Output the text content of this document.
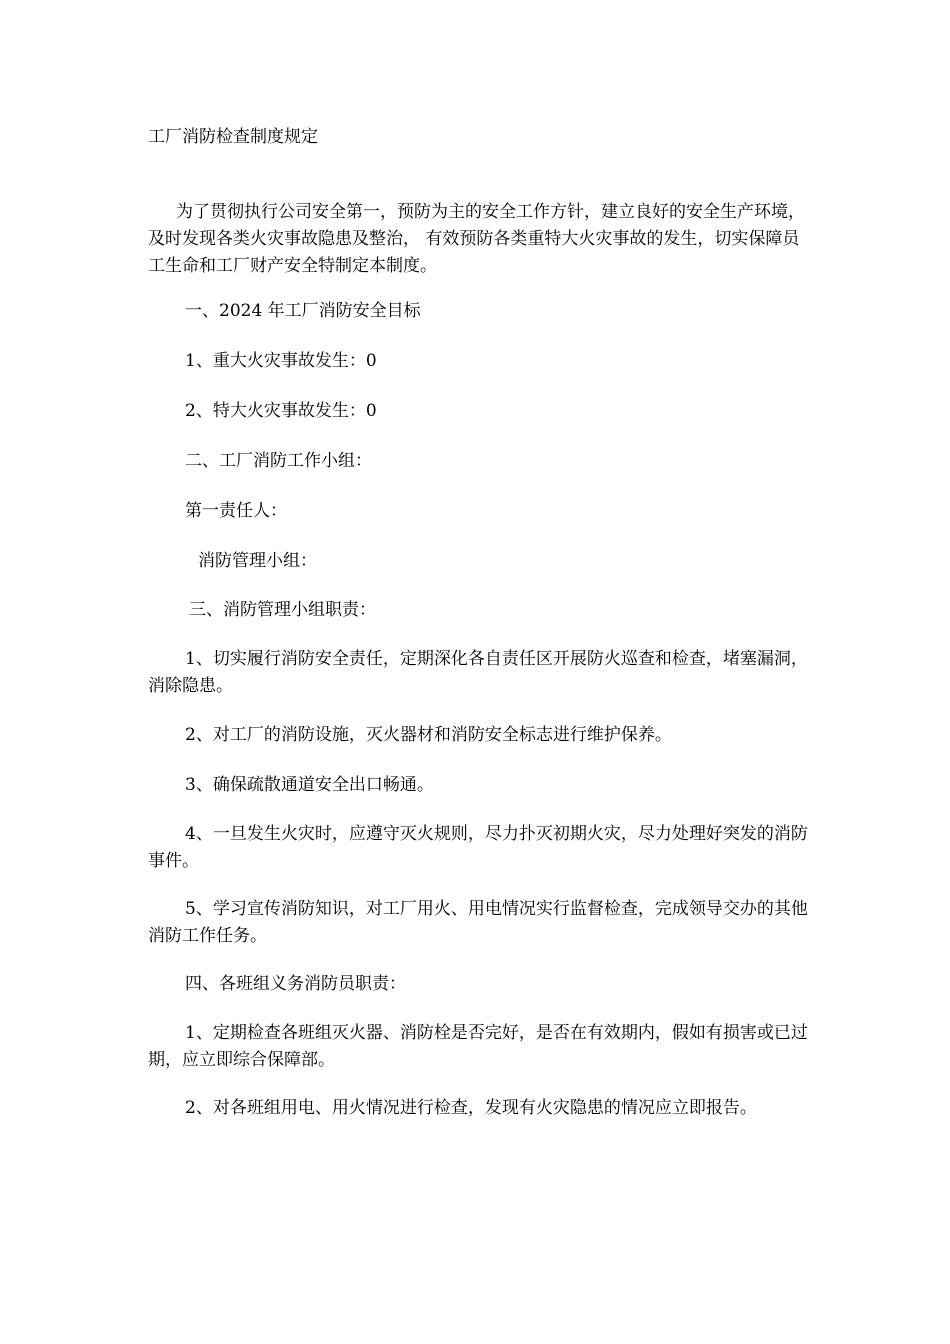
工厂消防检查制度规定

为了贯彻执行公司安全第一，预防为主的安全工作方针，建立良好的安全生产环境，及时发现各类火灾事故隐患及整治， 有效预防各类重特大火灾事故的发生，切实保障员工生命和工厂财产安全特制定本制度。

一、2024 年工厂消防安全目标

1、重大火灾事故发生：0

2、特大火灾事故发生：0

二、工厂消防工作小组：

第一责任人：

消防管理小组：

三、消防管理小组职责：

1、切实履行消防安全责任，定期深化各自责任区开展防火巡查和检查，堵塞漏洞，消除隐患。

2、对工厂的消防设施，灭火器材和消防安全标志进行维护保养。

3、确保疏散通道安全出口畅通。

4、一旦发生火灾时，应遵守灭火规则，尽力扑灭初期火灾，尽力处理好突发的消防事件。

5、学习宣传消防知识，对工厂用火、用电情况实行监督检查，完成领导交办的其他消防工作任务。

四、各班组义务消防员职责：

1、定期检查各班组灭火器、消防栓是否完好，是否在有效期内，假如有损害或已过期，应立即综合保障部。

2、对各班组用电、用火情况进行检查，发现有火灾隐患的情况应立即报告。
